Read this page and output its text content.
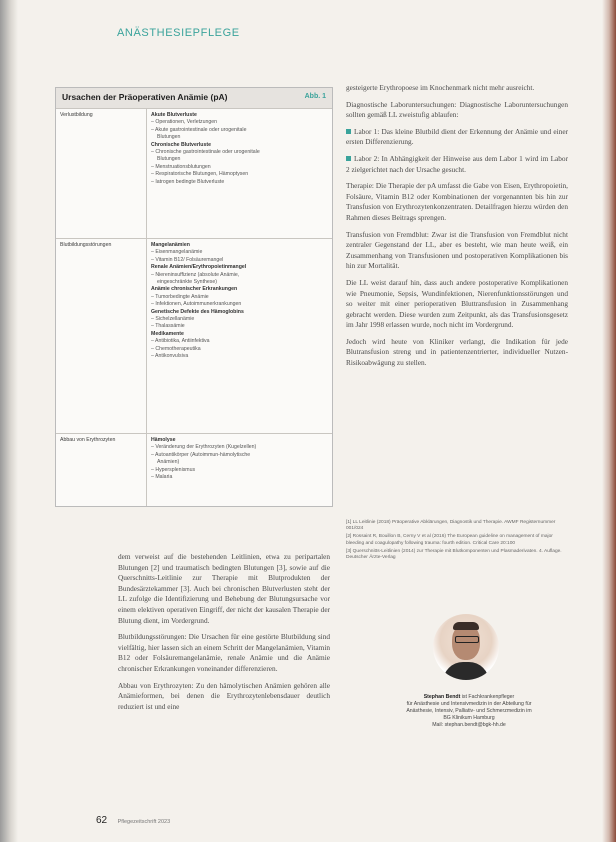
ANÄSTHESIEPFLEGE
Ursachen der Präoperativen Anämie (pA)	Abb. 1
Verlustbildung	Akute Blutverluste
– Operationen, Verletzungen
– Akute gastrointestinale oder urogenitale
Blutungen
Chronische Blutverluste
– Chronische gastrointestinale oder urogenitale
Blutungen
– Menstruationsblutungen
– Respiratorische Blutungen, Hämoptysen
– Iatrogen bedingte Blutverluste
Blutbildungsstörungen	Mangelanämien
– Eisenmangelanämie
– Vitamin B12/ Folsäuremangel
Renale Anämien/Erythropoietinmangel
– Niereninsuffizienz (absolute Anämie,
eingeschränkte Synthese)
Anämie chronischer Erkrankungen
– Tumorbedingte Anämie
– Infektionen, Autoimmunerkrankungen
Genetische Defekte des Hämoglobins
– Sichelzellanämie
– Thalassämie
Medikamente
– Antibiotika, Antiinfektiva
– Chemotherapeutika
– Antikonvulsiva
Abbau von Erythrozyten	Hämolyse
– Veränderung der Erythrozyten (Kugelzellen)
– Autoantikörper (Autoimmun-hämolytische
Anämien)
– Hypersplenismus
– Malaria

gesteigerte Erythropoese im Knochenmark nicht mehr ausreicht.

Diagnostische Laboruntersuchungen: Diagnostische Laboruntersuchungen sollten gemäß LL zweistufig ablaufen:

Labor 1: Das kleine Blutbild dient der Erkennung der Anämie und einer ersten Differenzierung.

Labor 2: In Abhängigkeit der Hinweise aus dem Labor 1 wird im Labor 2 zielgerichtet nach der Ursache gesucht.

Therapie: Die Therapie der pA umfasst die Gabe von Eisen, Erythropoietin, Folsäure, Vitamin B12 oder Kombinationen der vorgenannten bis hin zur Transfusion von Erythrozytenkonzentraten. Detailfragen hierzu würden den Rahmen dieses Beitrags sprengen.

Transfusion von Fremdblut: Zwar ist die Transfusion von Fremdblut nicht zentraler Gegenstand der LL, aber es besteht, wie man heute weiß, ein Zusammenhang von Transfusionen und postoperativen Komplikationen bis hin zur Mortalität.

Die LL weist darauf hin, dass auch andere postoperative Komplikationen wie Pneumonie, Sepsis, Wundinfektionen, Nierenfunktionsstörungen und so weiter mit einer perioperativen Bluttransfusion in Zusammenhang gebracht werden. Diese wurden zum Zeitpunkt, als das Transfusionsgesetz im Jahr 1998 erlassen wurde, noch nicht im Vordergrund.

Jedoch wird heute von Kliniker verlangt, die Indikation für jede Blutransfusion streng und in patientenzentrierter, individueller Nutzen-Risikoabwägung zu stellen.

[1] LL Leitlinie (2018) Präoperative Abklärungen, Diagnostik und Therapie. AWMF Registernummer 001/024

[2] Rossaint R, Bouillon B, Cerny V et al (2016) The European guideline on management of major bleeding and coagulopathy following trauma: fourth edition. Critical Care 20:100

[3] Querschnitts-Leitlinien (2014) zur Therapie mit Blutkomponenten und Plasmaderivaten. 4. Auflage. Deutscher Ärzte-Verlag

dem verweist auf die bestehenden Leitlinien, etwa zu peripartalen Blutungen [2] und traumatisch bedingten Blutungen [3], sowie auf die Querschnitts-Leitlinie zur Therapie mit Blutprodukten der Bundesärztekammer [3]. Auch bei chronischen Blutverlusten steht der LL zufolge die Identifizierung und Behebung der Blutungsursache vor einem elektiven operativen Eingriff, der nicht der kausalen Therapie der Blutung dient, im Vordergrund.

Blutbildungsstörungen: Die Ursachen für eine gestörte Blutbildung sind vielfältig, hier lassen sich an einem Schritt der Mangelanämien, Vitamin B12 oder Folsäuremangelanämie, renale Anämie und die Anämie chronischer Erkrankungen voneinander differenzieren.

Abbau von Erythrozyten: Zu den hämolytischen Anämien gehören alle Anämieformen, bei denen die Erythrozytenlebensdauer deutlich reduziert ist und eine

Stephan Bendt ist Fachkrankenpfleger
für Anästhesie und Intensivmedizin in der Abteilung für
Anästhesie, Intensiv, Palliativ- und Schmerzmedizin im
BG Klinikum Hamburg
Mail: stephan.bendt@bgk-hh.de
62 Pflegezeitschrift 2023
